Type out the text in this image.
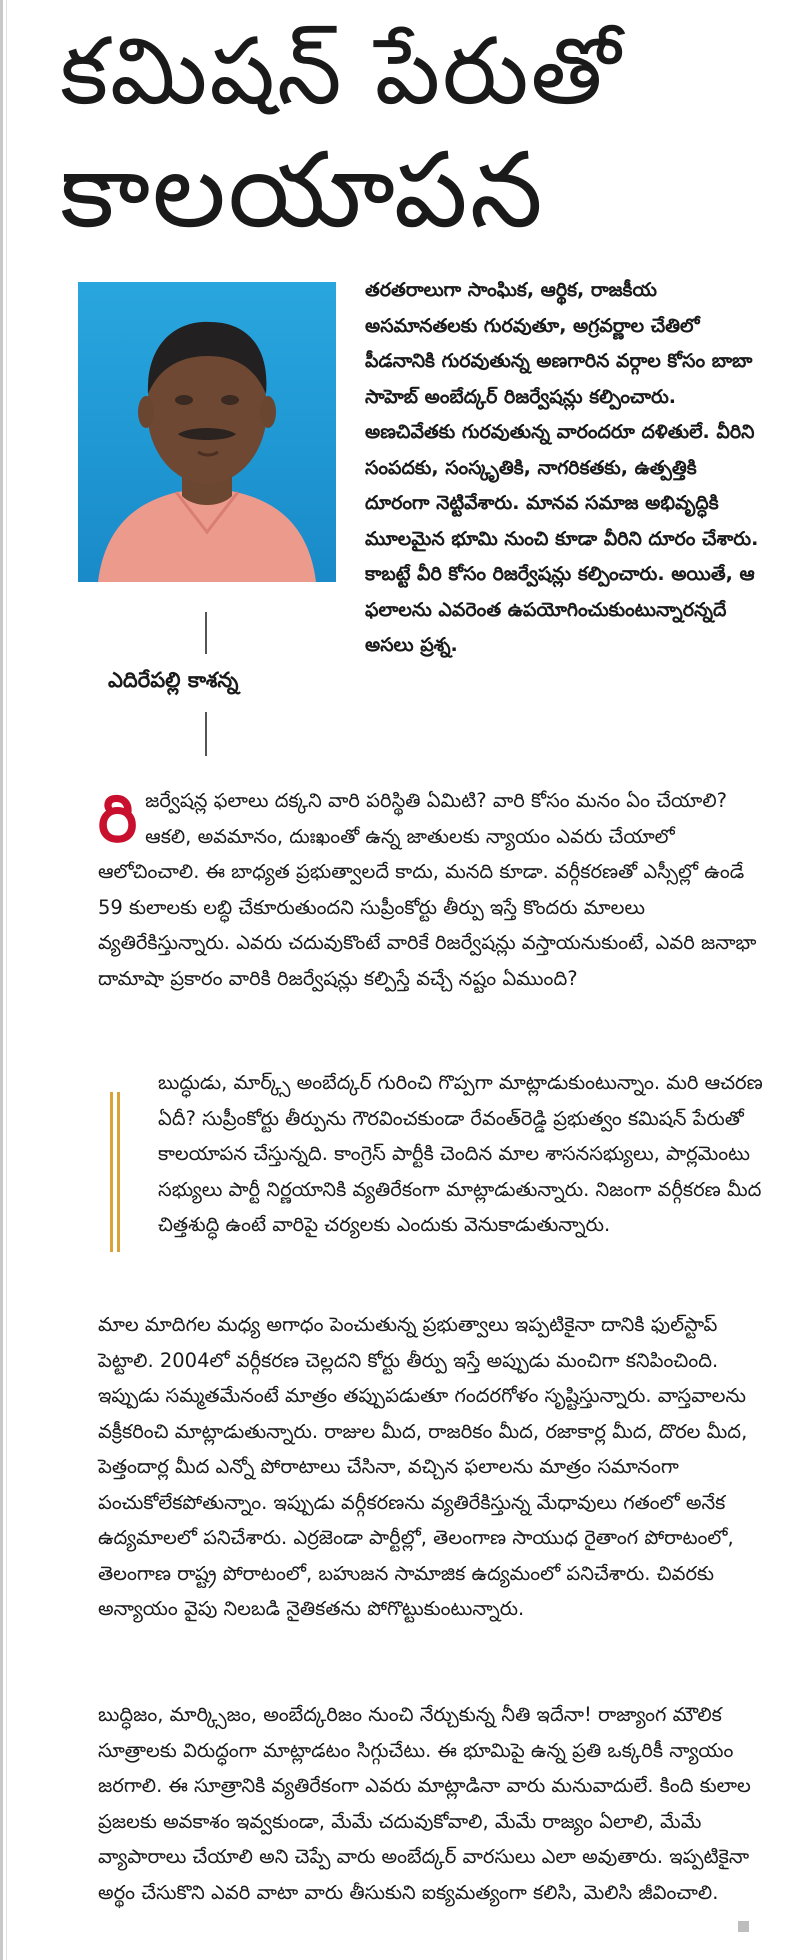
కమిషన్ పేరుతో
కాలయాపన
ఎదిరేపల్లి కాశన్న

తరతరాలుగా సాంఘిక, ఆర్థిక, రాజకీయ అసమానతలకు గురవుతూ, అగ్రవర్ణాల చేతిలో పీడనానికి గురవుతున్న అణగారిన వర్గాల కోసం బాబా సాహెబ్ అంబేద్కర్ రిజర్వేషన్లు కల్పించారు. అణచివేతకు గురవుతున్న వారందరూ దళితులే. వీరిని సంపదకు, సంస్కృతికి, నాగరికతకు, ఉత్పత్తికి దూరంగా నెట్టివేశారు. మానవ సమాజ అభివృద్ధికి మూలమైన భూమి నుంచి కూడా వీరిని దూరం చేశారు. కాబట్టే వీరి కోసం రిజర్వేషన్లు కల్పించారు. అయితే, ఆ ఫలాలను ఎవరెంత ఉపయోగించుకుంటున్నారన్నదే అసలు ప్రశ్న.

రి జర్వేషన్ల ఫలాలు దక్కని వారి పరిస్థితి ఏమిటి? వారి కోసం మనం ఏం చేయాలి? ఆకలి, అవమానం, దుఃఖంతో ఉన్న జాతులకు న్యాయం ఎవరు చేయాలో ఆలోచించాలి. ఈ బాధ్యత ప్రభుత్వాలదే కాదు, మనది కూడా. వర్గీకరణతో ఎస్సీల్లో ఉండే 59 కులాలకు లబ్ధి చేకూరుతుందని సుప్రీంకోర్టు తీర్పు ఇస్తే కొందరు మాలలు వ్యతిరేకిస్తున్నారు. ఎవరు చదువుకొంటే వారికే రిజర్వేషన్లు వస్తాయనుకుంటే, ఎవరి జనాభా దామాషా ప్రకారం వారికి రిజర్వేషన్లు కల్పిస్తే వచ్చే నష్టం ఏముంది?

బుద్ధుడు, మార్క్స్ అంబేద్కర్ గురించి గొప్పగా మాట్లాడుకుంటున్నాం. మరి ఆచరణ ఏదీ? సుప్రీంకోర్టు తీర్పును గౌరవించకుండా రేవంత్‌రెడ్డి ప్రభుత్వం కమిషన్ పేరుతో కాలయాపన చేస్తున్నది. కాంగ్రెస్ పార్టీకి చెందిన మాల శాసనసభ్యులు, పార్లమెంటు సభ్యులు పార్టీ నిర్ణయానికి వ్యతిరేకంగా మాట్లాడుతున్నారు. నిజంగా వర్గీకరణ మీద చిత్తశుద్ధి ఉంటే వారిపై చర్యలకు ఎందుకు వెనుకాడుతున్నారు.

మాల మాదిగల మధ్య అగాధం పెంచుతున్న ప్రభుత్వాలు ఇప్పటికైనా దానికి ఫుల్‌స్టాప్ పెట్టాలి. 2004లో వర్గీకరణ చెల్లదని కోర్టు తీర్పు ఇస్తే అప్పుడు మంచిగా కనిపించింది. ఇప్పుడు సమ్మతమేనంటే మాత్రం తప్పుపడుతూ గందరగోళం సృష్టిస్తున్నారు. వాస్తవాలను వక్రీకరించి మాట్లాడుతున్నారు. రాజుల మీద, రాజరికం మీద, రజాకార్ల మీద, దొరల మీద, పెత్తందార్ల మీద ఎన్నో పోరాటాలు చేసినా, వచ్చిన ఫలాలను మాత్రం సమానంగా పంచుకోలేకపోతున్నాం. ఇప్పుడు వర్గీకరణను వ్యతిరేకిస్తున్న మేధావులు గతంలో అనేక ఉద్యమాలలో పనిచేశారు. ఎర్రజెండా పార్టీల్లో, తెలంగాణ సాయుధ రైతాంగ పోరాటంలో, తెలంగాణ రాష్ట్ర పోరాటంలో, బహుజన సామాజిక ఉద్యమంలో పనిచేశారు. చివరకు అన్యాయం వైపు నిలబడి నైతికతను పోగొట్టుకుంటున్నారు.

బుద్ధిజం, మార్క్సిజం, అంబేద్కరిజం నుంచి నేర్చుకున్న నీతి ఇదేనా! రాజ్యాంగ మౌలిక సూత్రాలకు విరుద్ధంగా మాట్లాడటం సిగ్గుచేటు. ఈ భూమిపై ఉన్న ప్రతి ఒక్కరికీ న్యాయం జరగాలి. ఈ సూత్రానికి వ్యతిరేకంగా ఎవరు మాట్లాడినా వారు మనువాదులే. కింది కులాల ప్రజలకు అవకాశం ఇవ్వకుండా, మేమే చదువుకోవాలి, మేమే రాజ్యం ఏలాలి, మేమే వ్యాపారాలు చేయాలి అని చెప్పే వారు అంబేద్కర్ వారసులు ఎలా అవుతారు. ఇప్పటికైనా అర్థం చేసుకొని ఎవరి వాటా వారు తీసుకుని ఐక్యమత్యంగా కలిసి, మెలిసి జీవించాలి.
